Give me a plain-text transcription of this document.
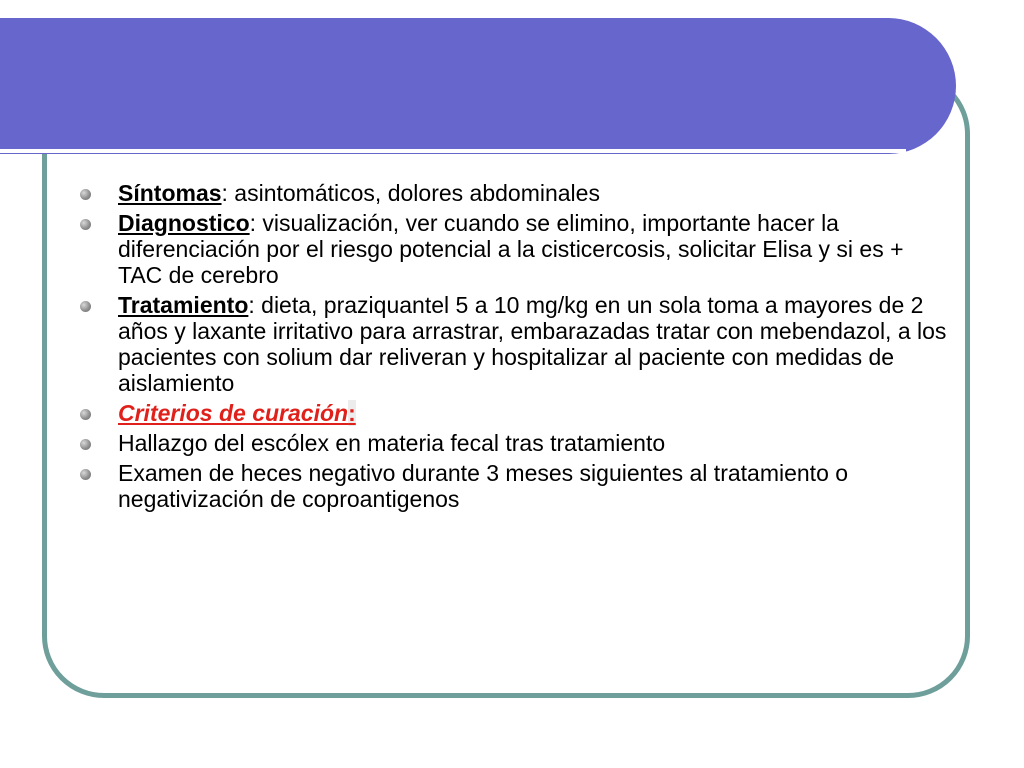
Síntomas: asintomáticos, dolores abdominales
Diagnostico: visualización, ver cuando se elimino, importante hacer la diferenciación por el riesgo potencial a la cisticercosis, solicitar Elisa y si es + TAC de cerebro
Tratamiento: dieta, praziquantel 5 a 10 mg/kg en un sola toma a mayores de 2 años y laxante irritativo para arrastrar, embarazadas tratar con mebendazol, a los pacientes con solium dar reliveran y hospitalizar al paciente con medidas de aislamiento
Criterios de curación:
Hallazgo del escólex en materia fecal tras tratamiento
Examen de heces negativo durante 3 meses siguientes al tratamiento o negativización de coproantigenos
